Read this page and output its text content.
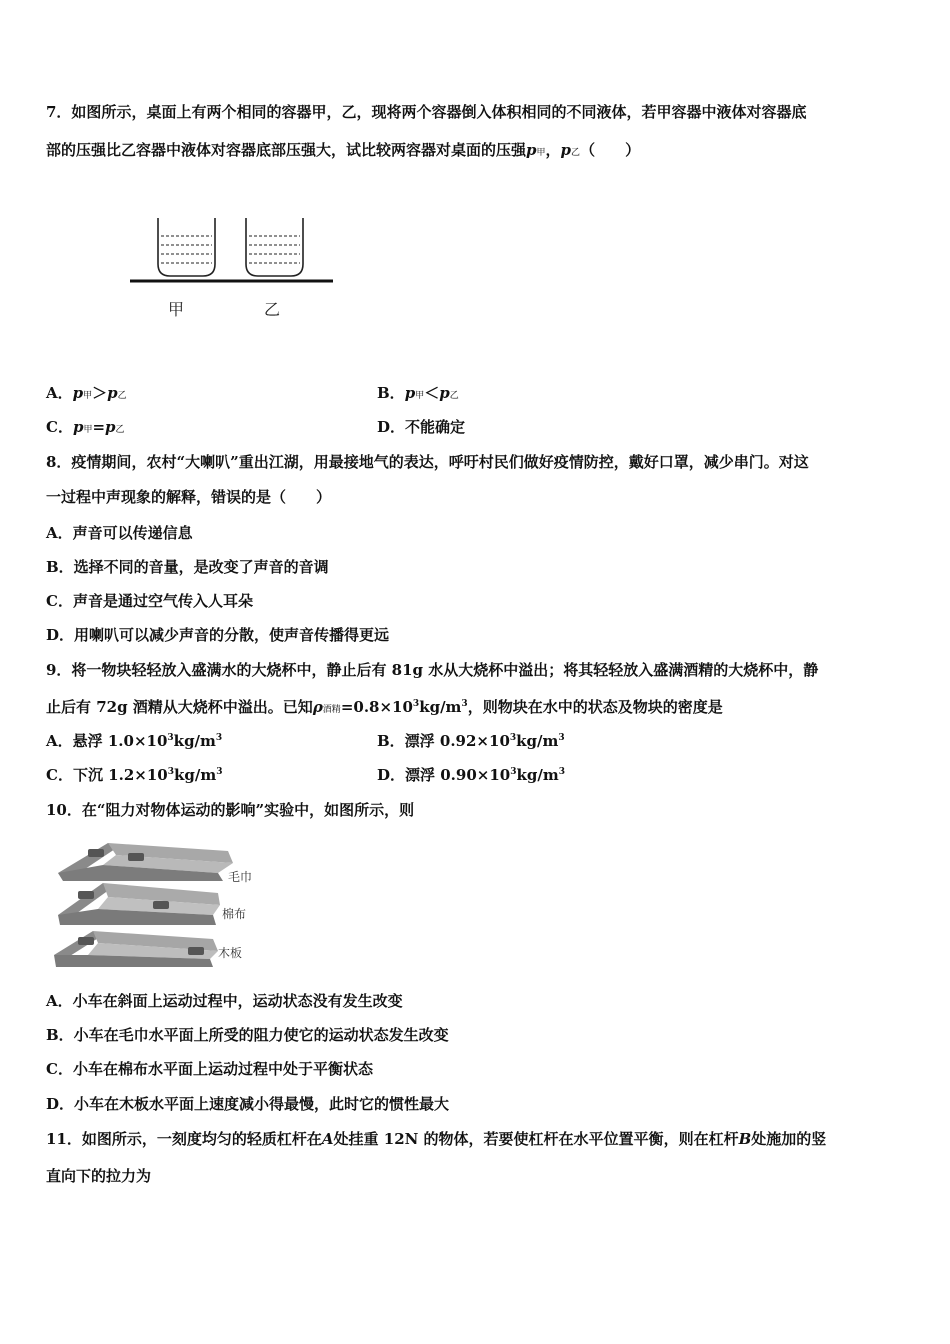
7．如图所示，桌面上有两个相同的容器甲，乙，现将两个容器倒入体积相同的不同液体，若甲容器中液体对容器底
部的压强比乙容器中液体对容器底部压强大，试比较两容器对桌面的压强p甲，p乙（　　）
甲	乙
A．p甲＞p乙	B．p甲＜p乙
C．p甲=p乙	D．不能确定
8．疫情期间，农村“大喇叭”重出江湖，用最接地气的表达，呼吁村民们做好疫情防控，戴好口罩，减少串门。对这
一过程中声现象的解释，错误的是（　　）
A．声音可以传递信息
B．选择不同的音量，是改变了声音的音调
C．声音是通过空气传入人耳朵
D．用喇叭可以减少声音的分散，使声音传播得更远
9．将一物块轻轻放入盛满水的大烧杯中，静止后有 81g 水从大烧杯中溢出；将其轻轻放入盛满酒精的大烧杯中，静
止后有 72g 酒精从大烧杯中溢出。已知ρ酒精$=0.8\times 10^3kg/m^3$，则物块在水中的状态及物块的密度是
A．悬浮 $1.0\times 10^3kg/m^3$	B．漂浮 $0.92\times 10^3kg/m^3$
C．下沉 $1.2\times 10^3kg/m^3$	D．漂浮 $0.90\times 10^3kg/m^3$
10．在“阻力对物体运动的影响”实验中，如图所示，则
毛巾
棉布
木板
A．小车在斜面上运动过程中，运动状态没有发生改变
B．小车在毛巾水平面上所受的阻力使它的运动状态发生改变
C．小车在棉布水平面上运动过程中处于平衡状态
D．小车在木板水平面上速度减小得最慢，此时它的惯性最大
11．如图所示，一刻度均匀的轻质杠杆在A处挂重 12N 的物体，若要使杠杆在水平位置平衡，则在杠杆B处施加的竖
直向下的拉力为
